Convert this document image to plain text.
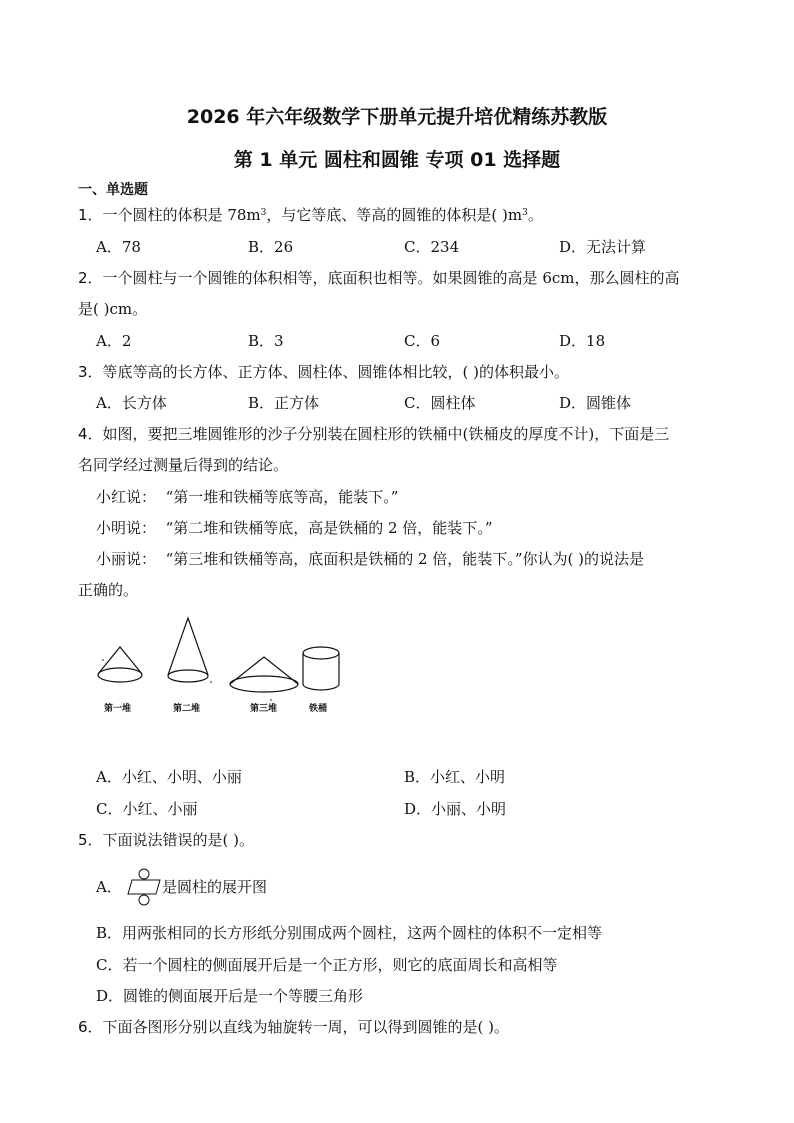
2026 年六年级数学下册单元提升培优精练苏教版
第 1 单元 圆柱和圆锥 专项 01 选择题
一、单选题
1．一个圆柱的体积是 $78m^3$，与它等底、等高的圆锥的体积是( )$m^3$。
A．78	B．26	C．234	D．无法计算
2．一个圆柱与一个圆锥的体积相等，底面积也相等。如果圆锥的高是 6cm，那么圆柱的高
是( )cm。
A．2	B．3	C．6	D．18
3．等底等高的长方体、正方体、圆柱体、圆锥体相比较，( )的体积最小。
A．长方体	B．正方体	C．圆柱体	D．圆锥体
4．如图，要把三堆圆锥形的沙子分别装在圆柱形的铁桶中(铁桶皮的厚度不计)，下面是三
名同学经过测量后得到的结论。
小红说： “第一堆和铁桶等底等高，能装下。”
小明说： “第二堆和铁桶等底，高是铁桶的 2 倍，能装下。”
小丽说： “第三堆和铁桶等高，底面积是铁桶的 2 倍，能装下。”你认为( )的说法是
正确的。
第一堆	第二堆	第三堆	铁桶
A．小红、小明、小丽	B．小红、小明
C．小红、小丽	D．小丽、小明
5．下面说法错误的是( )。
A．	是圆柱的展开图
B．用两张相同的长方形纸分别围成两个圆柱，这两个圆柱的体积不一定相等
C．若一个圆柱的侧面展开后是一个正方形，则它的底面周长和高相等
D．圆锥的侧面展开后是一个等腰三角形
6．下面各图形分别以直线为轴旋转一周，可以得到圆锥的是( )。
